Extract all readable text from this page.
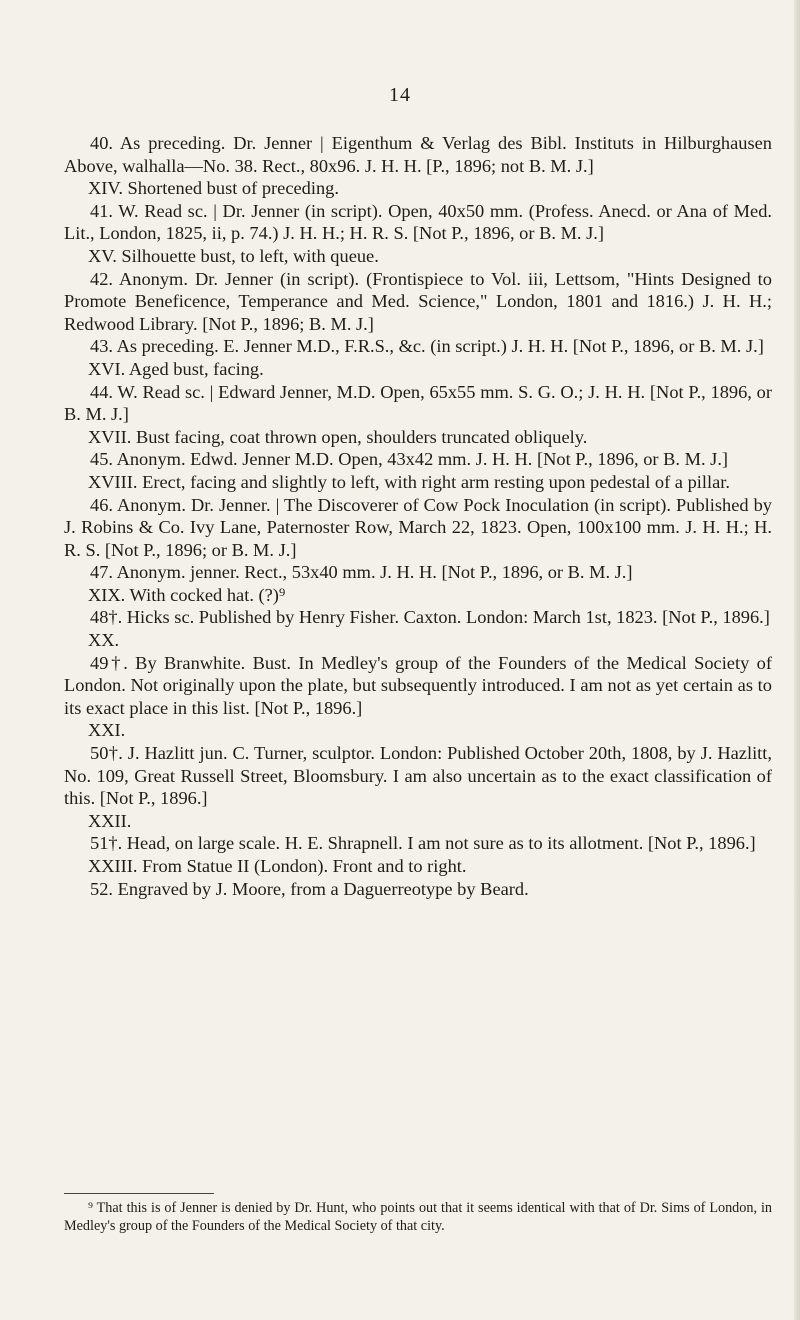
14

40. As preceding. Dr. Jenner | Eigenthum & Verlag des Bibl. Instituts in Hilburghausen Above, walhalla—No. 38. Rect., 80x96. J. H. H. [P., 1896; not B. M. J.]

XIV. Shortened bust of preceding.

41. W. Read sc. | Dr. Jenner (in script). Open, 40x50 mm. (Profess. Anecd. or Ana of Med. Lit., London, 1825, ii, p. 74.) J. H. H.; H. R. S. [Not P., 1896, or B. M. J.]

XV. Silhouette bust, to left, with queue.

42. Anonym. Dr. Jenner (in script). (Frontispiece to Vol. iii, Lettsom, "Hints Designed to Promote Beneficence, Temperance and Med. Science," London, 1801 and 1816.) J. H. H.; Redwood Library. [Not P., 1896; B. M. J.]

43. As preceding. E. Jenner M.D., F.R.S., &c. (in script.) J. H. H. [Not P., 1896, or B. M. J.]

XVI. Aged bust, facing.

44. W. Read sc. | Edward Jenner, M.D. Open, 65x55 mm. S. G. O.; J. H. H. [Not P., 1896, or B. M. J.]

XVII. Bust facing, coat thrown open, shoulders truncated obliquely.

45. Anonym. Edwd. Jenner M.D. Open, 43x42 mm. J. H. H. [Not P., 1896, or B. M. J.]

XVIII. Erect, facing and slightly to left, with right arm resting upon pedestal of a pillar.

46. Anonym. Dr. Jenner. | The Discoverer of Cow Pock Inoculation (in script). Published by J. Robins & Co. Ivy Lane, Paternoster Row, March 22, 1823. Open, 100x100 mm. J. H. H.; H. R. S. [Not P., 1896; or B. M. J.]

47. Anonym. jenner. Rect., 53x40 mm. J. H. H. [Not P., 1896, or B. M. J.]

XIX. With cocked hat. (?)⁹

48†. Hicks sc. Published by Henry Fisher. Caxton. London: March 1st, 1823. [Not P., 1896.]

XX.

49†. By Branwhite. Bust. In Medley's group of the Founders of the Medical Society of London. Not originally upon the plate, but subsequently introduced. I am not as yet certain as to its exact place in this list. [Not P., 1896.]

XXI.

50†. J. Hazlitt jun. C. Turner, sculptor. London: Published October 20th, 1808, by J. Hazlitt, No. 109, Great Russell Street, Bloomsbury. I am also uncertain as to the exact classification of this. [Not P., 1896.]

XXII.

51†. Head, on large scale. H. E. Shrapnell. I am not sure as to its allotment. [Not P., 1896.]

XXIII. From Statue II (London). Front and to right.

52. Engraved by J. Moore, from a Daguerreotype by Beard.

⁹ That this is of Jenner is denied by Dr. Hunt, who points out that it seems identical with that of Dr. Sims of London, in Medley's group of the Founders of the Medical Society of that city.
